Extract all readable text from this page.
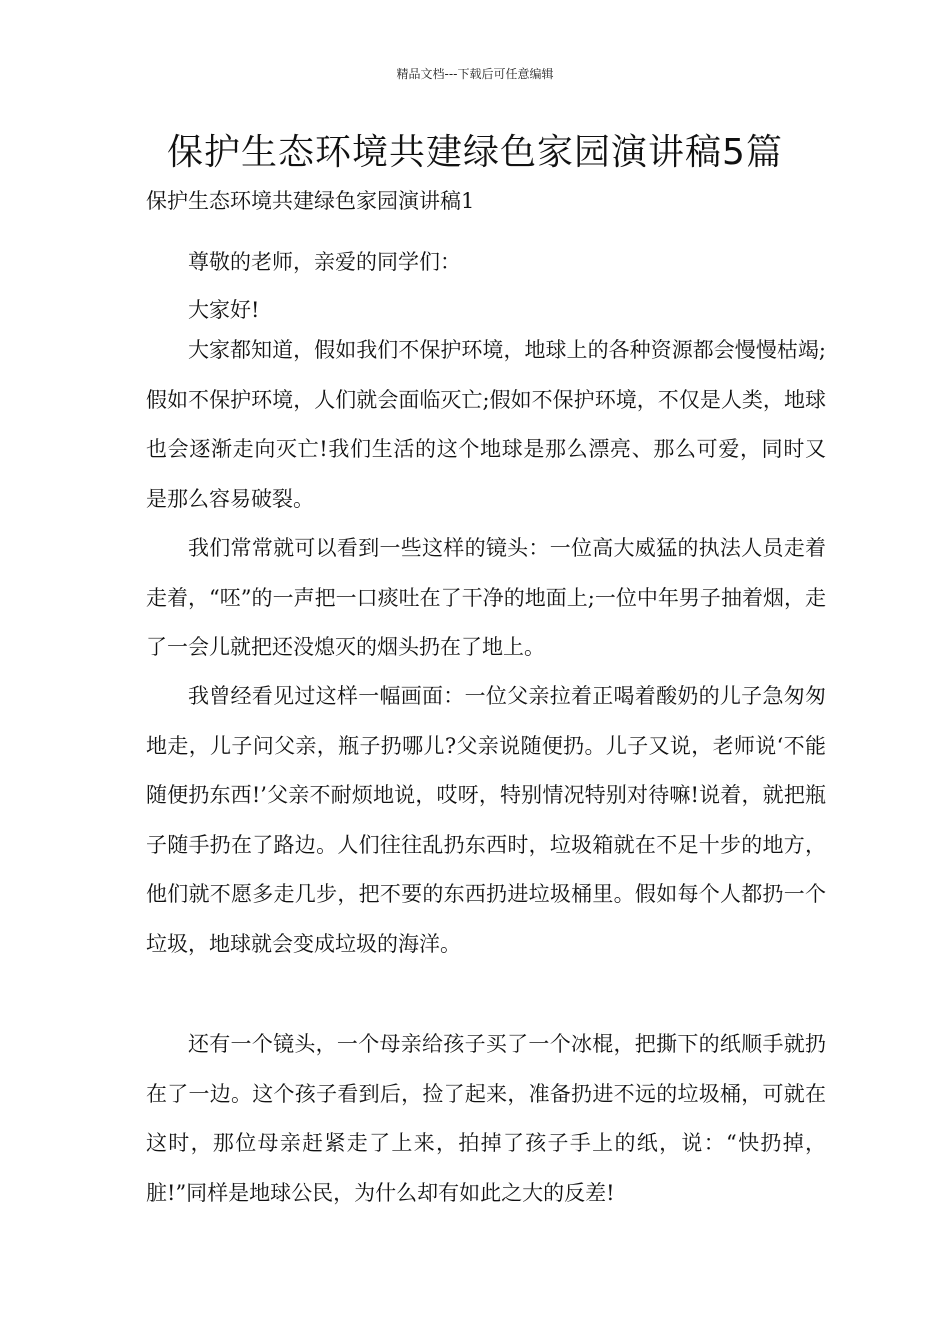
精品文档---下载后可任意编辑
保护生态环境共建绿色家园演讲稿5篇
保护生态环境共建绿色家园演讲稿1

尊敬的老师，亲爱的同学们：

大家好!

大家都知道，假如我们不保护环境，地球上的各种资源都会慢慢枯竭;假如不保护环境，人们就会面临灭亡;假如不保护环境，不仅是人类，地球也会逐渐走向灭亡!我们生活的这个地球是那么漂亮、那么可爱，同时又是那么容易破裂。

我们常常就可以看到一些这样的镜头：一位高大威猛的执法人员走着走着，“呸”的一声把一口痰吐在了干净的地面上;一位中年男子抽着烟，走了一会儿就把还没熄灭的烟头扔在了地上。

我曾经看见过这样一幅画面：一位父亲拉着正喝着酸奶的儿子急匆匆地走，儿子问父亲，瓶子扔哪儿?父亲说随便扔。儿子又说，老师说‘不能随便扔东西!’父亲不耐烦地说，哎呀，特别情况特别对待嘛!说着，就把瓶子随手扔在了路边。人们往往乱扔东西时，垃圾箱就在不足十步的地方，他们就不愿多走几步，把不要的东西扔进垃圾桶里。假如每个人都扔一个垃圾，地球就会变成垃圾的海洋。

还有一个镜头，一个母亲给孩子买了一个冰棍，把撕下的纸顺手就扔在了一边。这个孩子看到后，捡了起来，准备扔进不远的垃圾桶，可就在这时，那位母亲赶紧走了上来，拍掉了孩子手上的纸，说：“快扔掉，脏!”同样是地球公民，为什么却有如此之大的反差!
